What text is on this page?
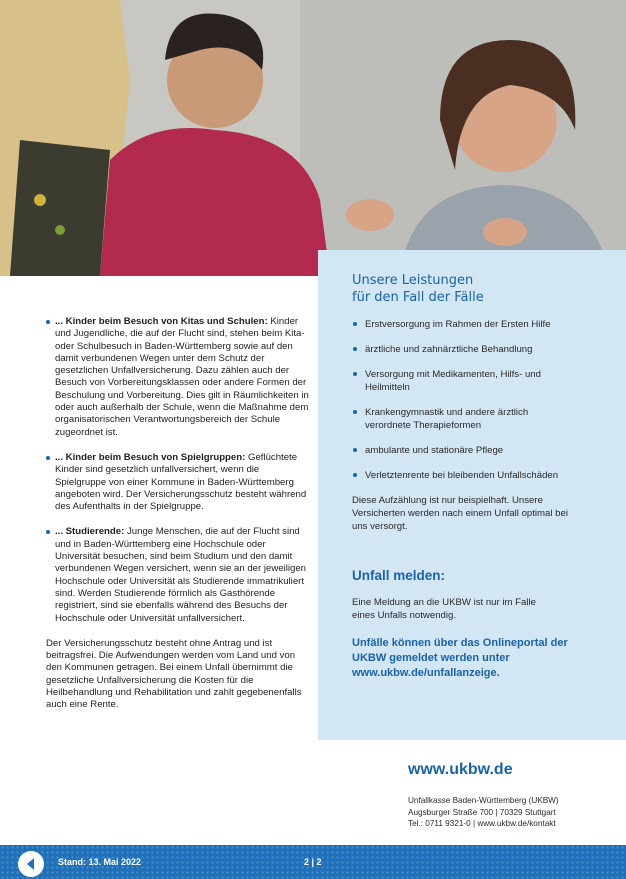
Unsere Leistungen
für den Fall der Fälle
Erstversorgung im Rahmen der Ersten Hilfe
ärztliche und zahnärztliche Behandlung
Versorgung mit Medikamenten, Hilfs- und Heilmitteln
Krankengymnastik und andere ärztlich verordnete Therapieformen
ambulante und stationäre Pflege
Verletztenrente bei bleibenden Unfallschäden

Diese Aufzählung ist nur beispielhaft. Unsere Versicherten werden nach einem Unfall optimal bei uns versorgt.

Unfall melden:

Eine Meldung an die UKBW ist nur im Falle eines Unfalls notwendig.

Unfälle können über das Onlineportal der UKBW gemeldet werden unter www.ukbw.de/unfallanzeige.

... Kinder beim Besuch von Kitas und Schulen: Kinder und Jugendliche, die auf der Flucht sind, stehen beim Kita- oder Schulbesuch in Baden-Württemberg sowie auf den damit verbundenen Wegen unter dem Schutz der gesetzlichen Unfallversicherung. Dazu zählen auch der Besuch von Vorbereitungsklassen oder andere Formen der Beschulung und Vorbereitung. Dies gilt in Räumlichkeiten in oder auch außerhalb der Schule, wenn die Maßnahme dem organisatorischen Verantwortungsbereich der Schule zugeordnet ist.
... Kinder beim Besuch von Spielgruppen: Geflüchtete Kinder sind gesetzlich unfallversichert, wenn die Spielgruppe von einer Kommune in Baden-Württemberg angeboten wird. Der Versicherungsschutz besteht während des Aufenthalts in der Spielgruppe.
... Studierende: Junge Menschen, die auf der Flucht sind und in Baden-Württemberg eine Hochschule oder Universität besuchen, sind beim Studium und den damit verbundenen Wegen versichert, wenn sie an der jeweiligen Hochschule oder Universität als Studierende immatrikuliert sind. Werden Studierende förmlich als Gasthörende registriert, sind sie ebenfalls während des Besuchs der Hochschule oder Universität unfallversichert.

Der Versicherungsschutz besteht ohne Antrag und ist beitragsfrei. Die Aufwendungen werden vom Land und von den Kommunen getragen. Bei einem Unfall übernimmt die gesetzliche Unfallversicherung die Kosten für die Heilbehandlung und Rehabilitation und zahlt gegebenenfalls auch eine Rente.

www.ukbw.de
Unfallkasse Baden-Württemberg (UKBW)
Augsburger Straße 700 | 70329 Stuttgart
Tel.: 0711 9321-0 | www.ukbw.de/kontakt
Stand: 13. Mai 2022	2 | 2
